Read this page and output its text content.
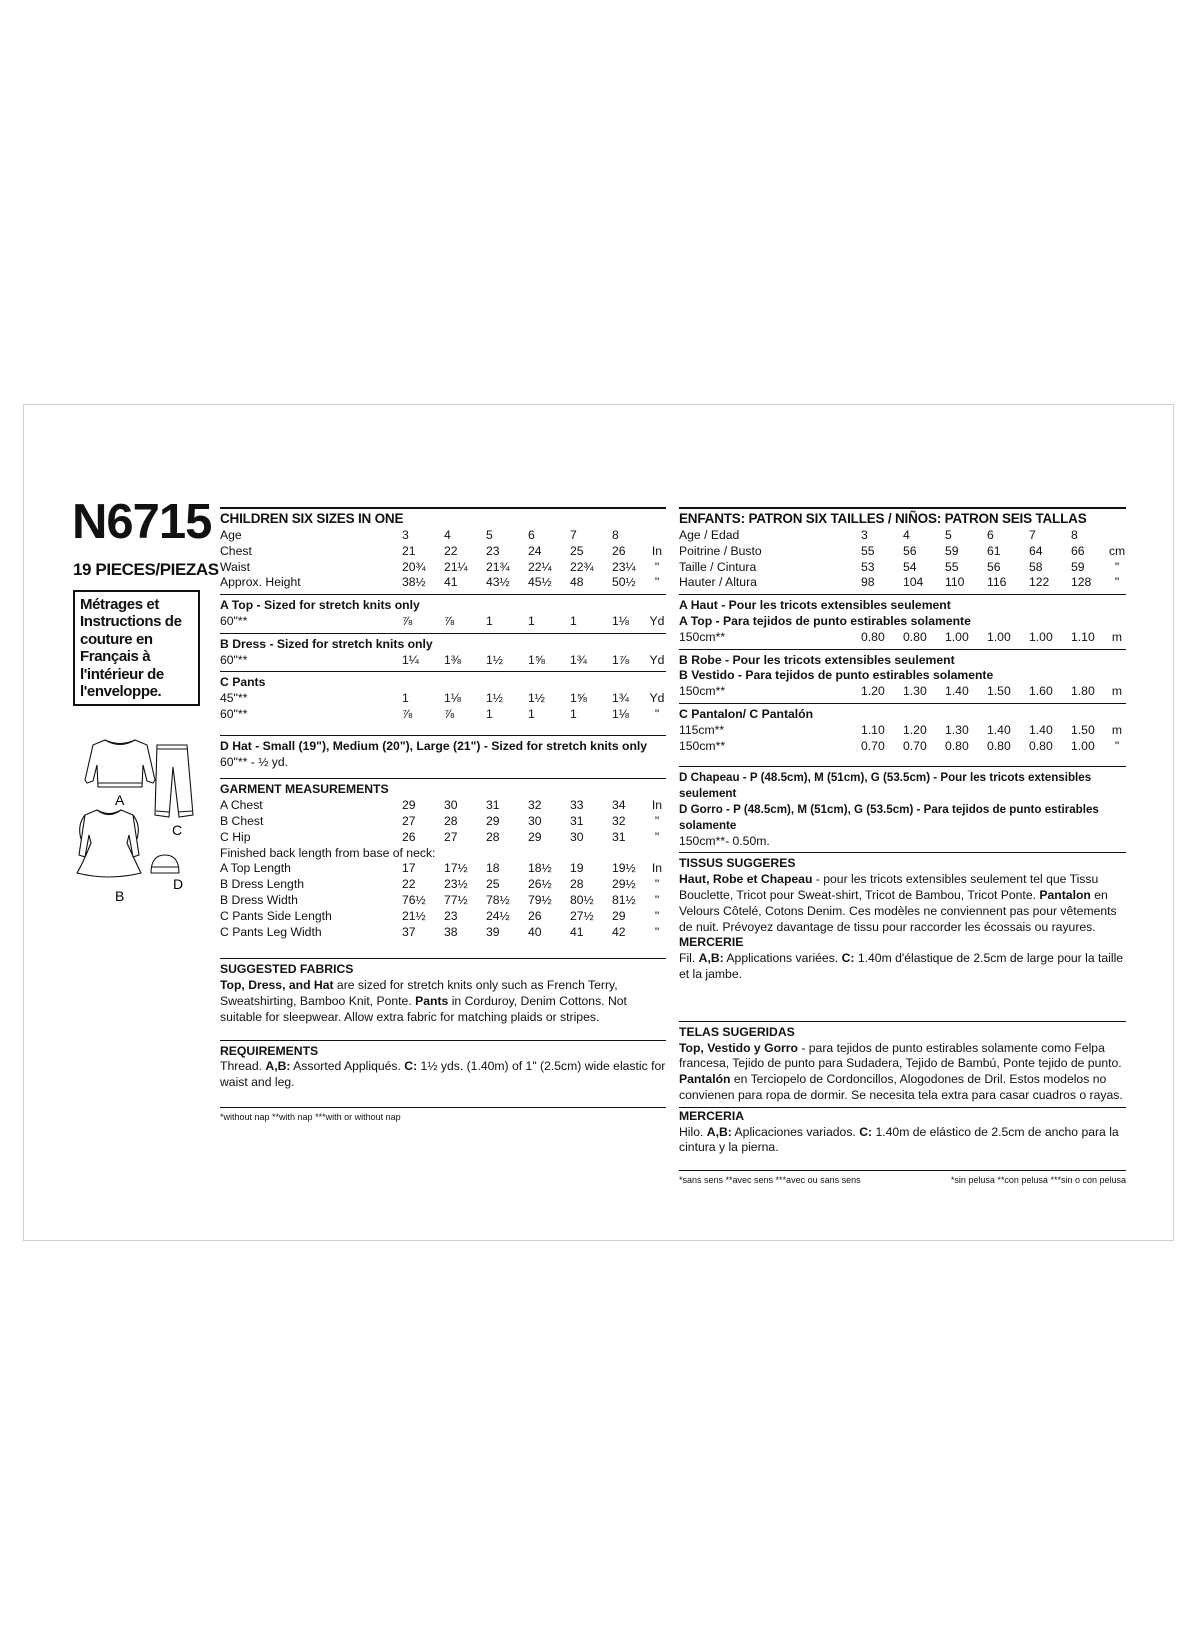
N6715
19 PIECES/PIEZAS
Métrages et Instructions de couture en Français à l'intérieur de l'enveloppe.
A
C
B
D
CHILDREN SIX SIZES IN ONE
Age	3	4	5	6	7	8
Chest	21	22	23	24	25	26	In
Waist	20¾	21¼	21¾	22¼	22¾	23¼	"
Approx. Height	38½	41	43½	45½	48	50½	"
A Top - Sized for stretch knits only
60"**	⅞	⅞	1	1	1	1⅛	Yd
B Dress - Sized for stretch knits only
60"**	1¼	1⅜	1½	1⅝	1¾	1⅞	Yd
C Pants
45"**	1	1⅛	1½	1½	1⅝	1¾	Yd
60"**	⅞	⅞	1	1	1	1⅛	"
D Hat - Small (19"), Medium (20"), Large (21") - Sized for stretch knits only
60"** - ½ yd.
GARMENT MEASUREMENTS
A Chest	29	30	31	32	33	34	In
B Chest	27	28	29	30	31	32	"
C Hip	26	27	28	29	30	31	"
Finished back length from base of neck:
A Top Length	17	17½	18	18½	19	19½	In
B Dress Length	22	23½	25	26½	28	29½	"
B Dress Width	76½	77½	78½	79½	80½	81½	"
C Pants Side Length	21½	23	24½	26	27½	29	"
C Pants Leg Width	37	38	39	40	41	42	"
SUGGESTED FABRICS
Top, Dress, and Hat are sized for stretch knits only such as French Terry, Sweatshirting, Bamboo Knit, Ponte. Pants in Corduroy, Denim Cottons. Not suitable for sleepwear. Allow extra fabric for matching plaids or stripes.
REQUIREMENTS
Thread. A,B: Assorted Appliqués. C: 1½ yds. (1.40m) of 1" (2.5cm) wide elastic for waist and leg.
*without nap **with nap ***with or without nap
ENFANTS: PATRON SIX TAILLES / NIÑOS: PATRON SEIS TALLAS
Age / Edad	3	4	5	6	7	8
Poitrine / Busto	55	56	59	61	64	66	cm
Taille / Cintura	53	54	55	56	58	59	"
Hauter / Altura	98	104	110	116	122	128	"
A Haut - Pour les tricots extensibles seulement
A Top - Para tejidos de punto estirables solamente
150cm**	0.80	0.80	1.00	1.00	1.00	1.10	m
B Robe - Pour les tricots extensibles seulement
B Vestido - Para tejidos de punto estirables solamente
150cm**	1.20	1.30	1.40	1.50	1.60	1.80	m
C Pantalon/ C Pantalón
115cm**	1.10	1.20	1.30	1.40	1.40	1.50	m
150cm**	0.70	0.70	0.80	0.80	0.80	1.00	"
D Chapeau - P (48.5cm), M (51cm), G (53.5cm) - Pour les tricots extensibles seulement
D Gorro - P (48.5cm), M (51cm), G (53.5cm) - Para tejidos de punto estirables solamente
150cm**- 0.50m.
TISSUS SUGGERES
Haut, Robe et Chapeau - pour les tricots extensibles seulement tel que Tissu Bouclette, Tricot pour Sweat-shirt, Tricot de Bambou, Tricot Ponte. Pantalon en Velours Côtelé, Cotons Denim. Ces modèles ne conviennent pas pour vêtements de nuit. Prévoyez davantage de tissu pour raccorder les écossais ou rayures.
MERCERIE
Fil. A,B: Applications variées. C: 1.40m d'élastique de 2.5cm de large pour la taille et la jambe.
TELAS SUGERIDAS
Top, Vestido y Gorro - para tejidos de punto estirables solamente como Felpa francesa, Tejido de punto para Sudadera, Tejido de Bambú, Ponte tejido de punto. Pantalón en Terciopelo de Cordoncillos, Alogodones de Dril. Estos modelos no convienen para ropa de dormir. Se necesita tela extra para casar cuadros o rayas.
MERCERIA
Hilo. A,B: Aplicaciones variados. C: 1.40m de elástico de 2.5cm de ancho para la cintura y la pierna.
*sans sens **avec sens ***avec ou sans sens	*sin pelusa **con pelusa ***sin o con pelusa
